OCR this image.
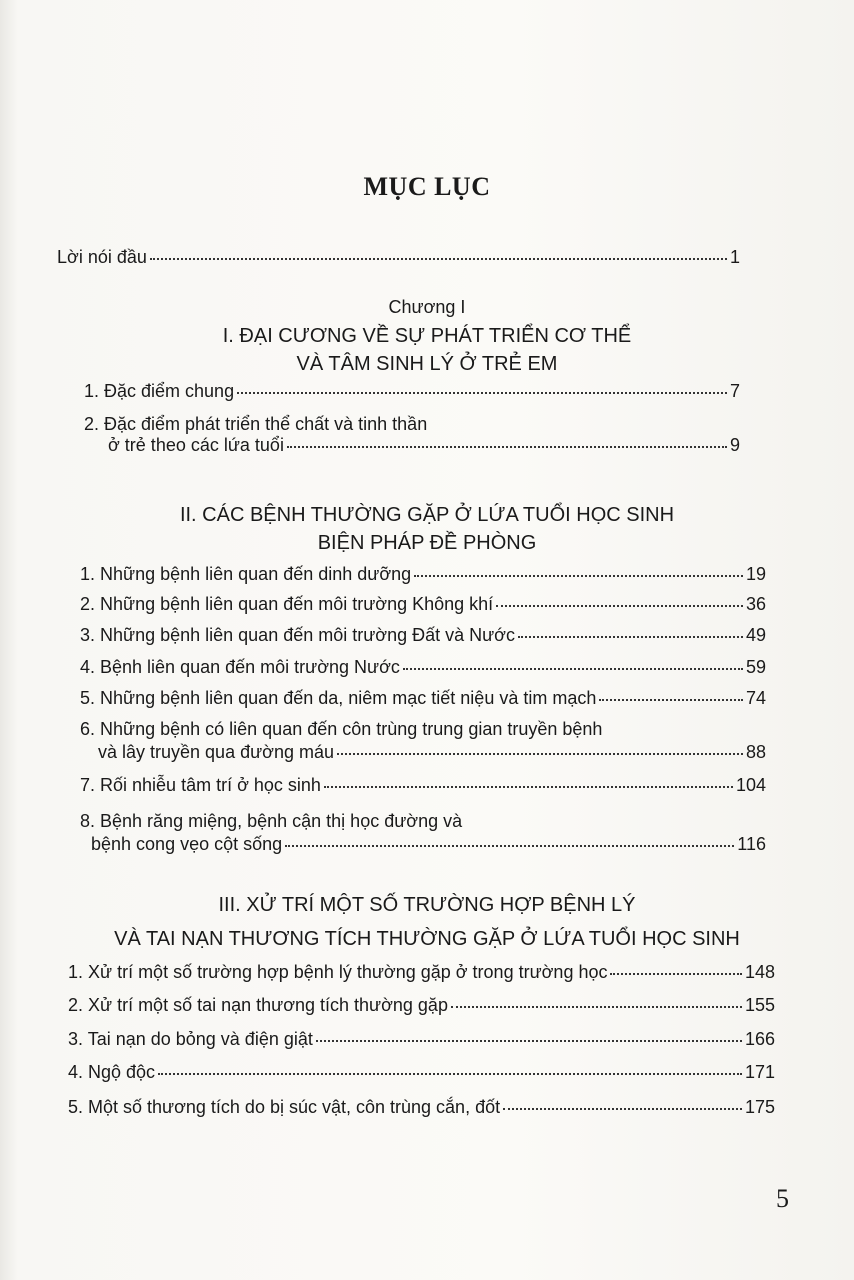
MỤC LỤC
Lời nói đầu	1
Chương I
I. ĐẠI CƯƠNG VỀ SỰ PHÁT TRIỂN CƠ THỂ
VÀ TÂM SINH LÝ Ở TRẺ EM
1. Đặc điểm chung	7
2. Đặc điểm phát triển thể chất và tinh thần
ở trẻ theo các lứa tuổi	9
II. CÁC BỆNH THƯỜNG GẶP Ở LỨA TUỔI HỌC SINH
BIỆN PHÁP ĐỀ PHÒNG
1. Những bệnh liên quan đến dinh dưỡng	19
2. Những bệnh liên quan đến môi trường Không khí	36
3. Những bệnh liên quan đến môi trường Đất và Nước	49
4. Bệnh liên quan đến môi trường Nước	59
5. Những bệnh liên quan đến da, niêm mạc tiết niệu và tim mạch	74
6. Những bệnh có liên quan đến côn trùng trung gian truyền bệnh
và lây truyền qua đường máu	88
7. Rối nhiễu tâm trí ở học sinh	104
8. Bệnh răng miệng, bệnh cận thị học đường và
bệnh cong vẹo cột sống	116
III. XỬ TRÍ MỘT SỐ TRƯỜNG HỢP BỆNH LÝ
VÀ TAI NẠN THƯƠNG TÍCH THƯỜNG GẶP Ở LỨA TUỔI HỌC SINH
1. Xử trí một số trường hợp bệnh lý thường gặp ở trong trường học	148
2. Xử trí một số tai nạn thương tích thường gặp	155
3. Tai nạn do bỏng và điện giật	166
4. Ngộ độc	171
5. Một số thương tích do bị súc vật, côn trùng cắn, đốt	175
5
